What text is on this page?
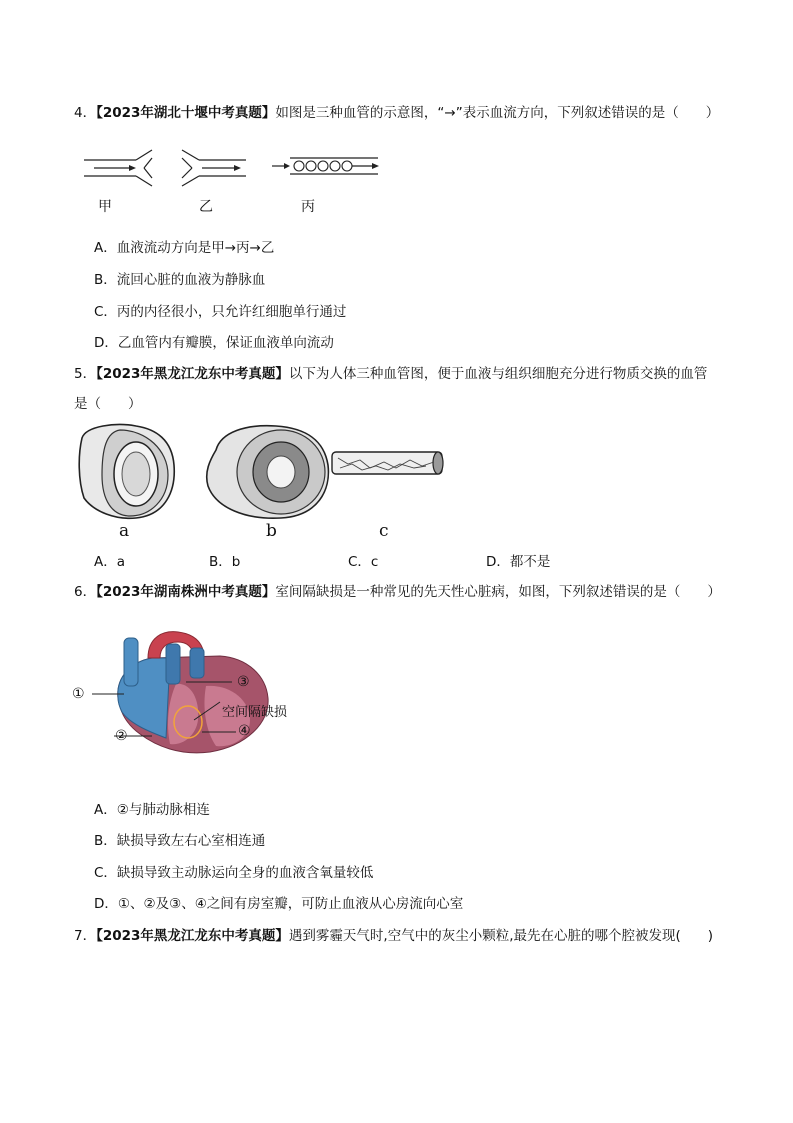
4．【2023年湖北十堰中考真题】如图是三种血管的示意图，“→”表示血流方向，下列叙述错误的是（　　）
甲	乙	丙
A．血液流动方向是甲→丙→乙
B．流回心脏的血液为静脉血
C．丙的内径很小，只允许红细胞单行通过
D．乙血管内有瓣膜，保证血液单向流动
5．【2023年黑龙江龙东中考真题】以下为人体三种血管图，便于血液与组织细胞充分进行物质交换的血管
是（　　）
a	b	c
A．a	B．b	C．c	D．都不是
6．【2023年湖南株洲中考真题】室间隔缺损是一种常见的先天性心脏病，如图，下列叙述错误的是（　　）
①
②
③
④
空间隔缺损
A．②与肺动脉相连
B．缺损导致左右心室相连通
C．缺损导致主动脉运向全身的血液含氧量较低
D．①、②及③、④之间有房室瓣，可防止血液从心房流向心室
7．【2023年黑龙江龙东中考真题】遇到雾霾天气时,空气中的灰尘小颗粒,最先在心脏的哪个腔被发现(　　)
